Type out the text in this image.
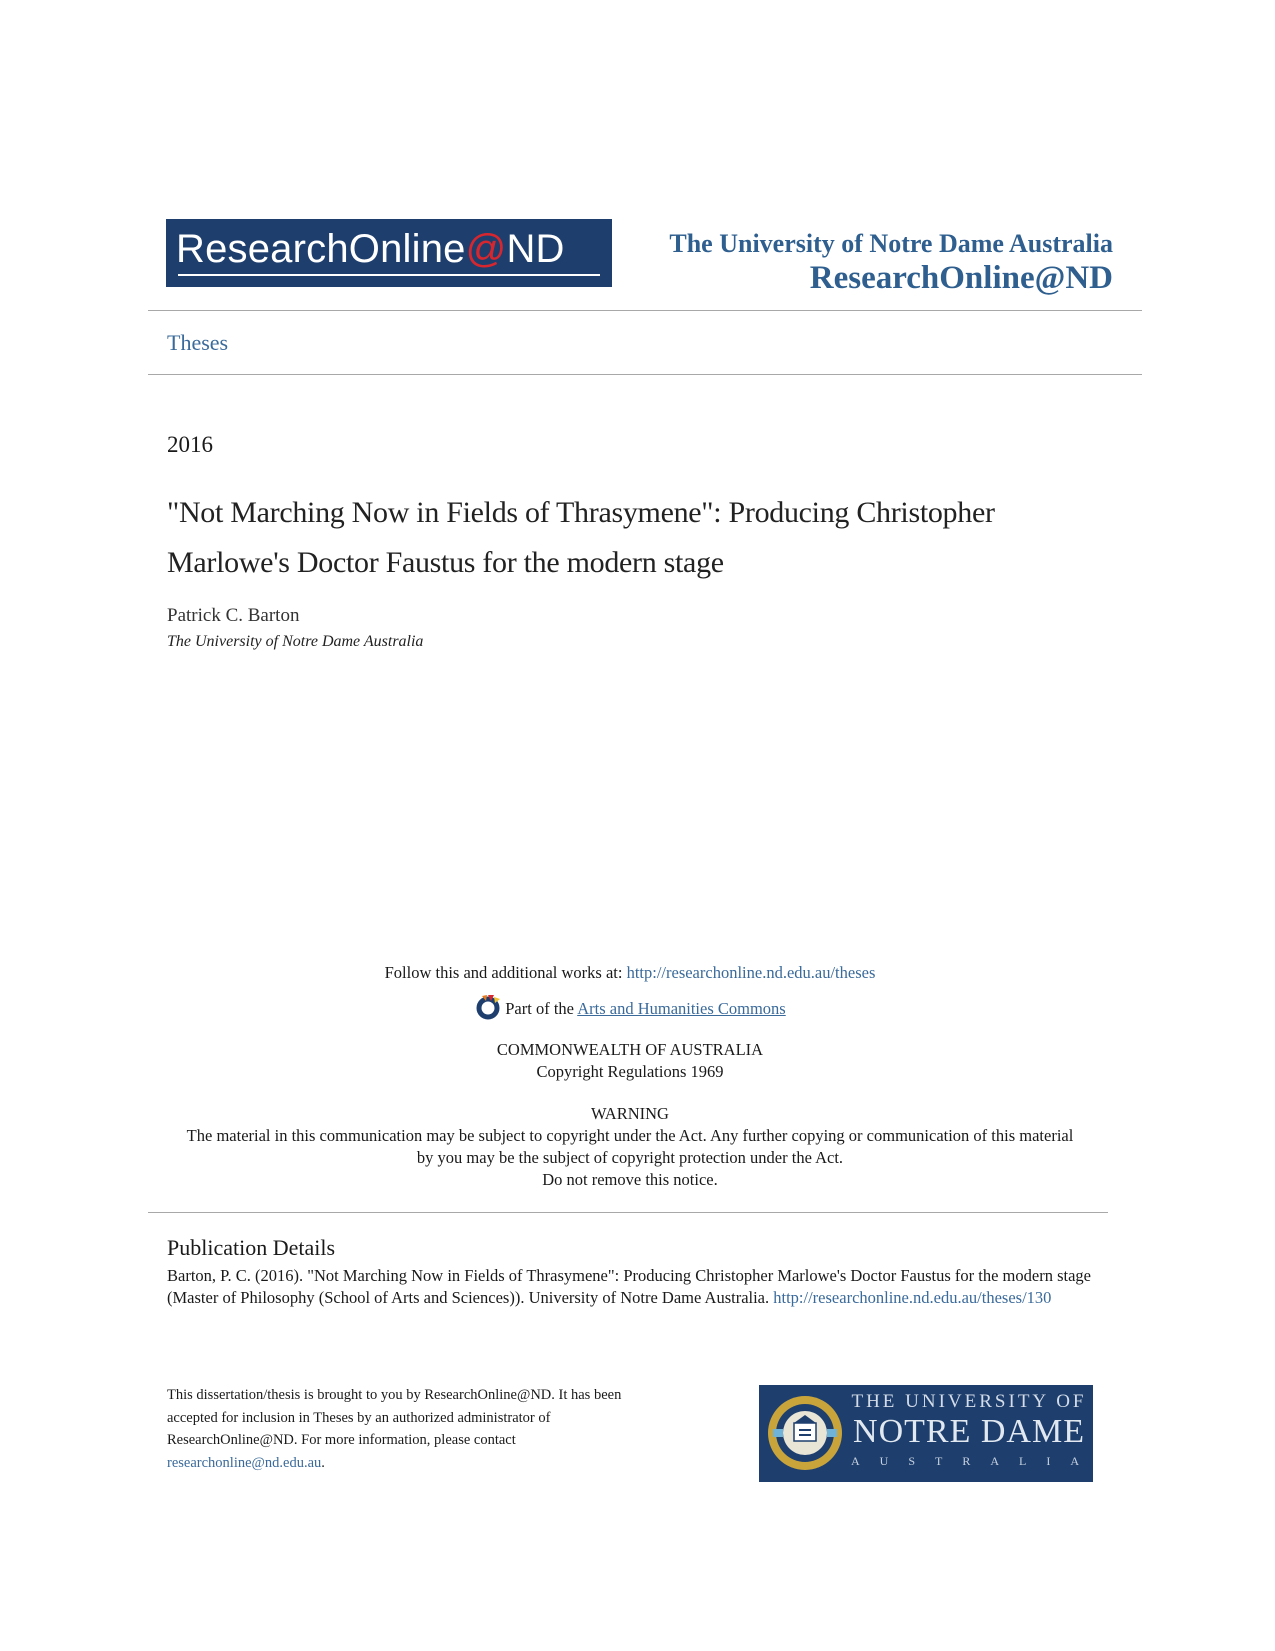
ResearchOnline@ND	The University of Notre Dame Australia
ResearchOnline@ND
Theses
2016
"Not Marching Now in Fields of Thrasymene": Producing Christopher Marlowe's Doctor Faustus for the modern stage
Patrick C. Barton
The University of Notre Dame Australia
Follow this and additional works at: http://researchonline.nd.edu.au/theses
Part of the Arts and Humanities Commons
COMMONWEALTH OF AUSTRALIA
Copyright Regulations 1969
WARNING
The material in this communication may be subject to copyright under the Act. Any further copying or communication of this material
by you may be the subject of copyright protection under the Act.
Do not remove this notice.
Publication Details
Barton, P. C. (2016). "Not Marching Now in Fields of Thrasymene": Producing Christopher Marlowe's Doctor Faustus for the modern stage (Master of Philosophy (School of Arts and Sciences)). University of Notre Dame Australia. http://researchonline.nd.edu.au/theses/130
This dissertation/thesis is brought to you by ResearchOnline@ND. It has been accepted for inclusion in Theses by an authorized administrator of ResearchOnline@ND. For more information, please contact researchonline@nd.edu.au.
THE UNIVERSITY OF
NOTRE DAME
AUSTRALIA
